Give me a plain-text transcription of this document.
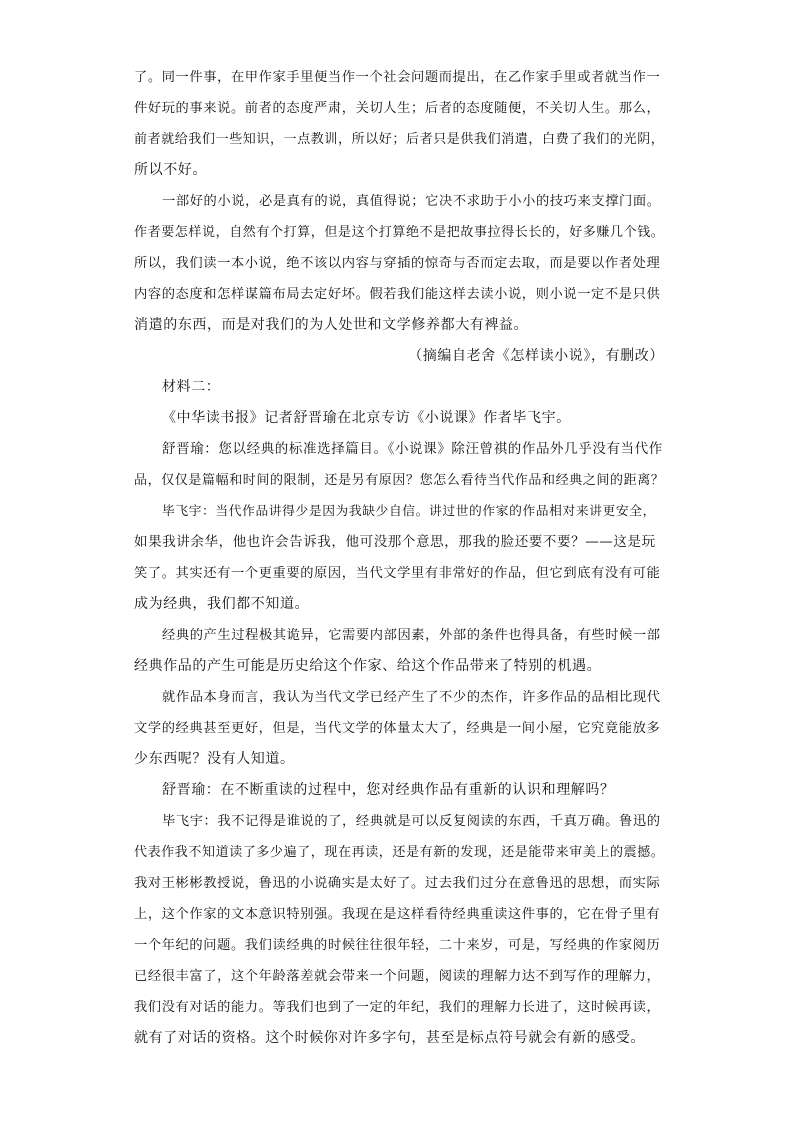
了。同一件事，在甲作家手里便当作一个社会问题而提出，在乙作家手里或者就当作一
件好玩的事来说。前者的态度严肃，关切人生；后者的态度随便，不关切人生。那么，
前者就给我们一些知识，一点教训，所以好；后者只是供我们消遣，白费了我们的光阴，
所以不好。
一部好的小说，必是真有的说，真值得说；它决不求助于小小的技巧来支撑门面。
作者要怎样说，自然有个打算，但是这个打算绝不是把故事拉得长长的，好多赚几个钱。
所以，我们读一本小说，绝不该以内容与穿插的惊奇与否而定去取，而是要以作者处理
内容的态度和怎样谋篇布局去定好坏。假若我们能这样去读小说，则小说一定不是只供
消遣的东西，而是对我们的为人处世和文学修养都大有裨益。
（摘编自老舍《怎样读小说》，有删改）
材料二：
《中华读书报》记者舒晋瑜在北京专访《小说课》作者毕飞宇。
舒晋瑜：您以经典的标准选择篇目。《小说课》除汪曾祺的作品外几乎没有当代作
品，仅仅是篇幅和时间的限制，还是另有原因？您怎么看待当代作品和经典之间的距离？
毕飞宇：当代作品讲得少是因为我缺少自信。讲过世的作家的作品相对来讲更安全，
如果我讲余华，他也许会告诉我，他可没那个意思，那我的脸还要不要？——这是玩
笑了。其实还有一个更重要的原因，当代文学里有非常好的作品，但它到底有没有可能
成为经典，我们都不知道。
经典的产生过程极其诡异，它需要内部因素，外部的条件也得具备，有些时候一部
经典作品的产生可能是历史给这个作家、给这个作品带来了特别的机遇。
就作品本身而言，我认为当代文学已经产生了不少的杰作，许多作品的品相比现代
文学的经典甚至更好，但是，当代文学的体量太大了，经典是一间小屋，它究竟能放多
少东西呢？没有人知道。
舒晋瑜：在不断重读的过程中，您对经典作品有重新的认识和理解吗？
毕飞宇：我不记得是谁说的了，经典就是可以反复阅读的东西，千真万确。鲁迅的
代表作我不知道读了多少遍了，现在再读，还是有新的发现，还是能带来审美上的震撼。
我对王彬彬教授说，鲁迅的小说确实是太好了。过去我们过分在意鲁迅的思想，而实际
上，这个作家的文本意识特别强。我现在是这样看待经典重读这件事的，它在骨子里有
一个年纪的问题。我们读经典的时候往往很年轻，二十来岁，可是，写经典的作家阅历
已经很丰富了，这个年龄落差就会带来一个问题，阅读的理解力达不到写作的理解力，
我们没有对话的能力。等我们也到了一定的年纪，我们的理解力长进了，这时候再读，
就有了对话的资格。这个时候你对许多字句，甚至是标点符号就会有新的感受。
